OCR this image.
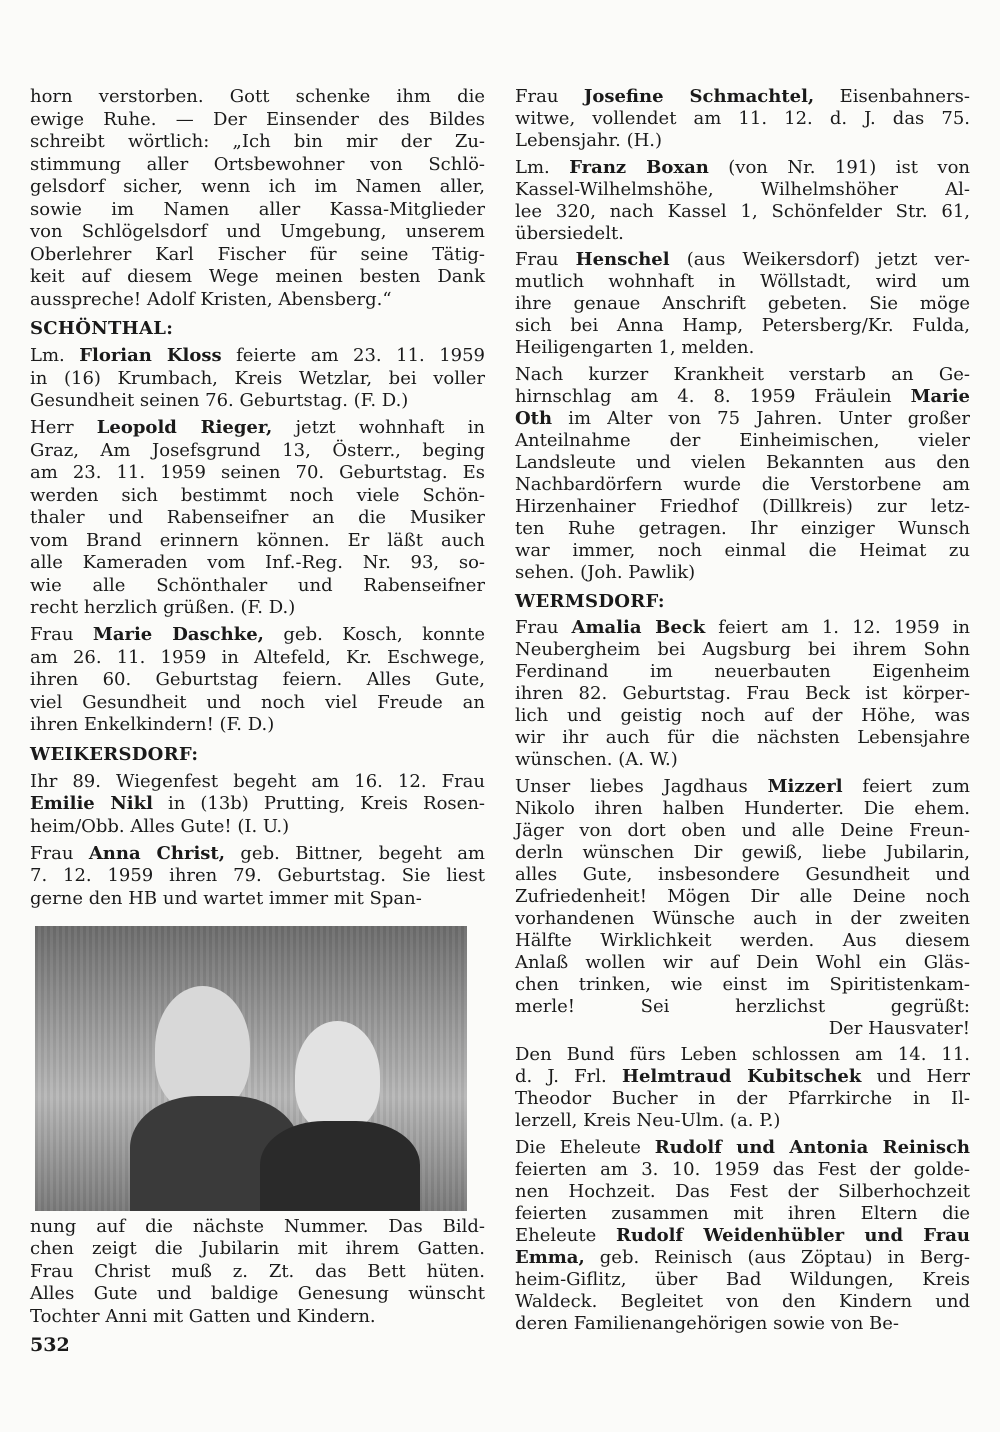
horn verstorben. Gott schenke ihm die
ewige Ruhe. — Der Einsender des Bildes
schreibt wörtlich: „Ich bin mir der Zu-
stimmung aller Ortsbewohner von Schlö-
gelsdorf sicher, wenn ich im Namen aller,
sowie im Namen aller Kassa-Mitglieder
von Schlögelsdorf und Umgebung, unserem
Oberlehrer Karl Fischer für seine Tätig-
keit auf diesem Wege meinen besten Dank
ausspreche! Adolf Kristen, Abensberg.“
SCHÖNTHAL:
Lm. Florian Kloss feierte am 23. 11. 1959
in (16) Krumbach, Kreis Wetzlar, bei voller
Gesundheit seinen 76. Geburtstag. (F. D.)
Herr Leopold Rieger, jetzt wohnhaft in
Graz, Am Josefsgrund 13, Österr., beging
am 23. 11. 1959 seinen 70. Geburtstag. Es
werden sich bestimmt noch viele Schön-
thaler und Rabenseifner an die Musiker
vom Brand erinnern können. Er läßt auch
alle Kameraden vom Inf.-Reg. Nr. 93, so-
wie alle Schönthaler und Rabenseifner
recht herzlich grüßen. (F. D.)
Frau Marie Daschke, geb. Kosch, konnte
am 26. 11. 1959 in Altefeld, Kr. Eschwege,
ihren 60. Geburtstag feiern. Alles Gute,
viel Gesundheit und noch viel Freude an
ihren Enkelkindern! (F. D.)
WEIKERSDORF:
Ihr 89. Wiegenfest begeht am 16. 12. Frau
Emilie Nikl in (13b) Prutting, Kreis Rosen-
heim/Obb. Alles Gute! (I. U.)
Frau Anna Christ, geb. Bittner, begeht am
7. 12. 1959 ihren 79. Geburtstag. Sie liest
gerne den HB und wartet immer mit Span-
nung auf die nächste Nummer. Das Bild-
chen zeigt die Jubilarin mit ihrem Gatten.
Frau Christ muß z. Zt. das Bett hüten.
Alles Gute und baldige Genesung wünscht
Tochter Anni mit Gatten und Kindern.
Frau Josefine Schmachtel, Eisenbahners-
witwe, vollendet am 11. 12. d. J. das 75.
Lebensjahr. (H.)
Lm. Franz Boxan (von Nr. 191) ist von
Kassel-Wilhelmshöhe, Wilhelmshöher Al-
lee 320, nach Kassel 1, Schönfelder Str. 61,
übersiedelt.
Frau Henschel (aus Weikersdorf) jetzt ver-
mutlich wohnhaft in Wöllstadt, wird um
ihre genaue Anschrift gebeten. Sie möge
sich bei Anna Hamp, Petersberg/Kr. Fulda,
Heiligengarten 1, melden.
Nach kurzer Krankheit verstarb an Ge-
hirnschlag am 4. 8. 1959 Fräulein Marie
Oth im Alter von 75 Jahren. Unter großer
Anteilnahme der Einheimischen, vieler
Landsleute und vielen Bekannten aus den
Nachbardörfern wurde die Verstorbene am
Hirzenhainer Friedhof (Dillkreis) zur letz-
ten Ruhe getragen. Ihr einziger Wunsch
war immer, noch einmal die Heimat zu
sehen. (Joh. Pawlik)
WERMSDORF:
Frau Amalia Beck feiert am 1. 12. 1959 in
Neubergheim bei Augsburg bei ihrem Sohn
Ferdinand im neuerbauten Eigenheim
ihren 82. Geburtstag. Frau Beck ist körper-
lich und geistig noch auf der Höhe, was
wir ihr auch für die nächsten Lebensjahre
wünschen. (A. W.)
Unser liebes Jagdhaus Mizzerl feiert zum
Nikolo ihren halben Hunderter. Die ehem.
Jäger von dort oben und alle Deine Freun-
derln wünschen Dir gewiß, liebe Jubilarin,
alles Gute, insbesondere Gesundheit und
Zufriedenheit! Mögen Dir alle Deine noch
vorhandenen Wünsche auch in der zweiten
Hälfte Wirklichkeit werden. Aus diesem
Anlaß wollen wir auf Dein Wohl ein Gläs-
chen trinken, wie einst im Spiritistenkam-
merle! Sei herzlichst gegrüßt:
Der Hausvater!
Den Bund fürs Leben schlossen am 14. 11.
d. J. Frl. Helmtraud Kubitschek und Herr
Theodor Bucher in der Pfarrkirche in Il-
lerzell, Kreis Neu-Ulm. (a. P.)
Die Eheleute Rudolf und Antonia Reinisch
feierten am 3. 10. 1959 das Fest der golde-
nen Hochzeit. Das Fest der Silberhochzeit
feierten zusammen mit ihren Eltern die
Eheleute Rudolf Weidenhübler und Frau
Emma, geb. Reinisch (aus Zöptau) in Berg-
heim-Giflitz, über Bad Wildungen, Kreis
Waldeck. Begleitet von den Kindern und
deren Familienangehörigen sowie von Be-
532
